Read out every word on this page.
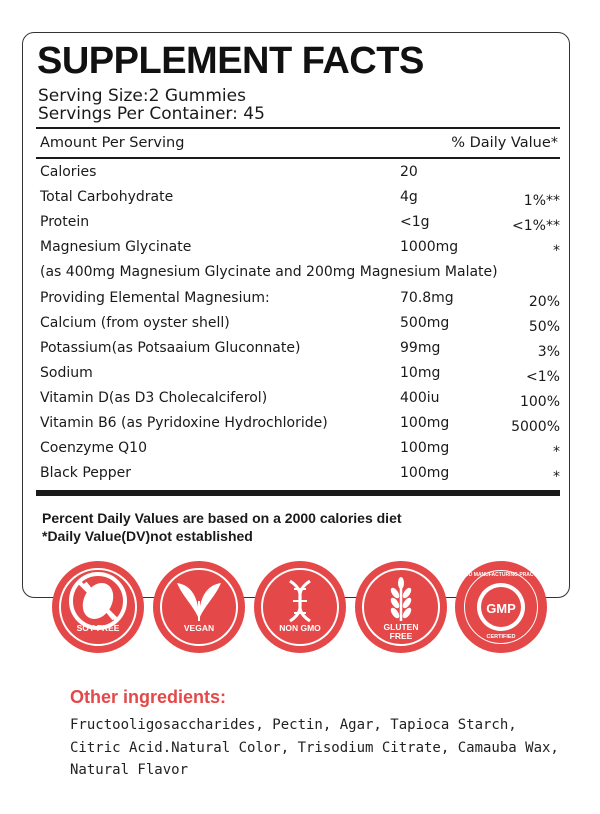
SUPPLEMENT FACTS
Serving Size:2 Gummies
Servings Per Container: 45
Amount Per Serving	% Daily Value*
Calories	20
Total Carbohydrate	4g	1%**
Protein	<1g	<1%**
Magnesium Glycinate	1000mg	*
(as 400mg Magnesium Glycinate and 200mg Magnesium Malate)
Providing Elemental Magnesium:	70.8mg	20%
Calcium (from oyster shell)	500mg	50%
Potassium(as Potsaaium Gluconnate)	99mg	3%
Sodium	10mg	<1%
Vitamin D(as D3 Cholecalciferol)	400iu	100%
Vitamin B6 (as Pyridoxine Hydrochloride)	100mg	5000%
Coenzyme Q10	100mg	*
Black Pepper	100mg	*
Percent Daily Values are based on a 2000 calories diet
*Daily Value(DV)not established
SOY FREE	VEGAN	NON GMO	GLUTEN
FREE
GMP
GOOD MANUFACTURING PRACTICE
CERTIFIED
Other ingredients:
Fructooligosaccharides, Pectin, Agar, Tapioca Starch,
Citric Acid.Natural Color, Trisodium Citrate, Camauba Wax,
Natural Flavor
